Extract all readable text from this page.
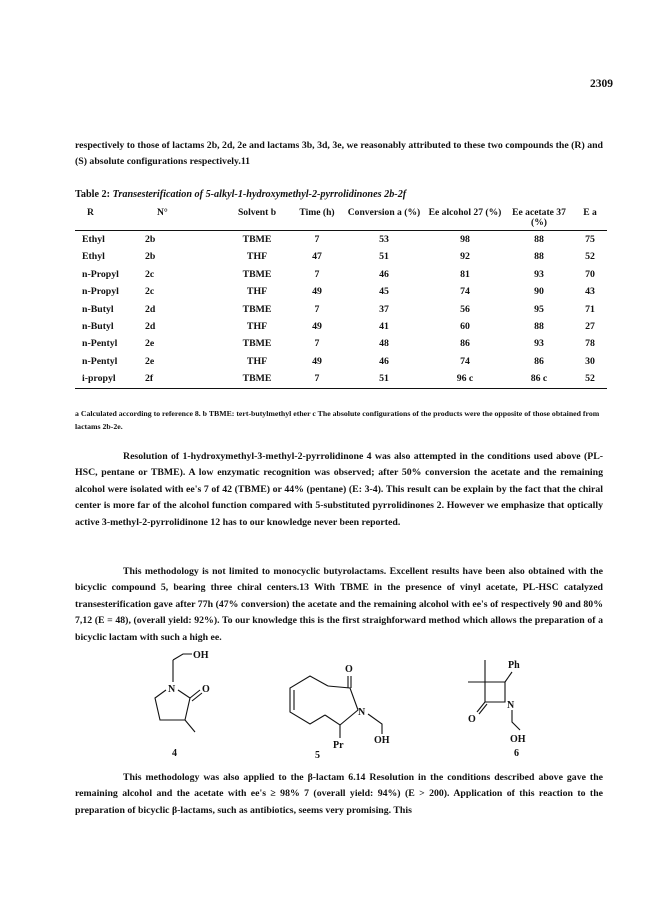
2309
respectively to those of lactams 2b, 2d, 2e and lactams 3b, 3d, 3e, we reasonably attributed to these two compounds the (R) and (S) absolute configurations respectively.11
Table 2: Transesterification of 5-alkyl-1-hydroxymethyl-2-pyrrolidinones 2b-2f
R	N°	Solvent b	Time (h)	Conversion a (%)	Ee alcohol 27 (%)	Ee acetate 37 (%)	E a
Ethyl	2b	TBME	7	53	98	88	75
Ethyl	2b	THF	47	51	92	88	52
n-Propyl	2c	TBME	7	46	81	93	70
n-Propyl	2c	THF	49	45	74	90	43
n-Butyl	2d	TBME	7	37	56	95	71
n-Butyl	2d	THF	49	41	60	88	27
n-Pentyl	2e	TBME	7	48	86	93	78
n-Pentyl	2e	THF	49	46	74	86	30
i-propyl	2f	TBME	7	51	96 c	86 c	52
a Calculated according to reference 8. b TBME: tert-butylmethyl ether c The absolute configurations of the products were the opposite of those obtained from lactams 2b-2e.
Resolution of 1-hydroxymethyl-3-methyl-2-pyrrolidinone 4 was also attempted in the conditions used above (PL-HSC, pentane or TBME). A low enzymatic recognition was observed; after 50% conversion the acetate and the remaining alcohol were isolated with ee's 7 of 42 (TBME) or 44% (pentane) (E: 3-4). This result can be explain by the fact that the chiral center is more far of the alcohol function compared with 5-substituted pyrrolidinones 2. However we emphasize that optically active 3-methyl-2-pyrrolidinone 12 has to our knowledge never been reported.
This methodology is not limited to monocyclic butyrolactams. Excellent results have been also obtained with the bicyclic compound 5, bearing three chiral centers.13 With TBME in the presence of vinyl acetate, PL-HSC catalyzed transesterification gave after 77h (47% conversion) the acetate and the remaining alcohol with ee's of respectively 90 and 80% 7,12 (E = 48), (overall yield: 92%). To our knowledge this is the first straighforward method which allows the preparation of a bicyclic lactam with such a high ee.
OH
N	O
4
O
N
OH
Pr
5
Ph
N
O
OH
6
This methodology was also applied to the β-lactam 6.14 Resolution in the conditions described above gave the remaining alcohol and the acetate with ee's ≥ 98% 7 (overall yield: 94%) (E > 200). Application of this reaction to the preparation of bicyclic β-lactams, such as antibiotics, seems very promising. This
